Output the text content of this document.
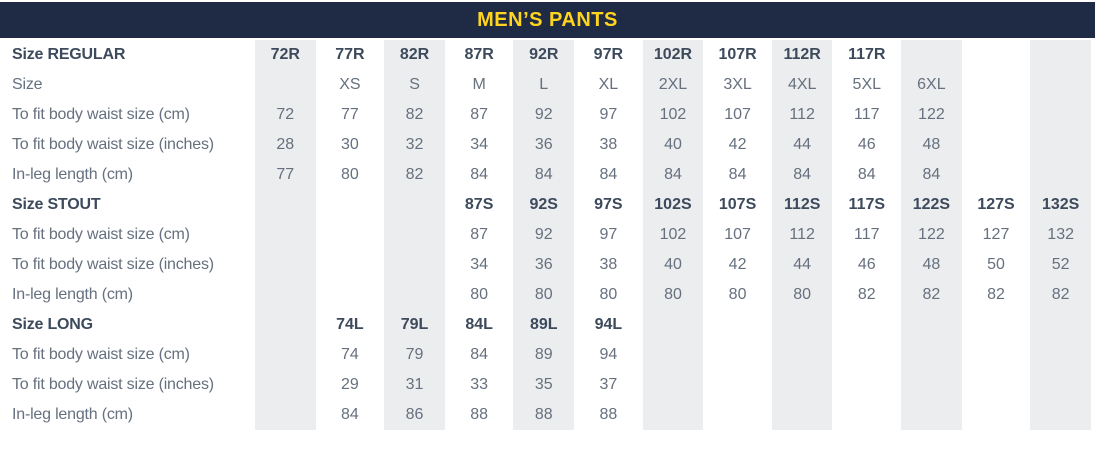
MEN’S PANTS
Size REGULAR	72R	77R	82R	87R	92R	97R	102R	107R	112R	117R			
Size		XS	S	M	L	XL	2XL	3XL	4XL	5XL	6XL		
To fit body waist size (cm)	72	77	82	87	92	97	102	107	112	117	122		
To fit body waist size (inches)	28	30	32	34	36	38	40	42	44	46	48		
In-leg length (cm)	77	80	82	84	84	84	84	84	84	84	84		
Size STOUT				87S	92S	97S	102S	107S	112S	117S	122S	127S	132S
To fit body waist size (cm)				87	92	97	102	107	112	117	122	127	132
To fit body waist size (inches)				34	36	38	40	42	44	46	48	50	52
In-leg length (cm)				80	80	80	80	80	80	82	82	82	82
Size LONG		74L	79L	84L	89L	94L							
To fit body waist size (cm)		74	79	84	89	94							
To fit body waist size (inches)		29	31	33	35	37							
In-leg length (cm)		84	86	88	88	88							
